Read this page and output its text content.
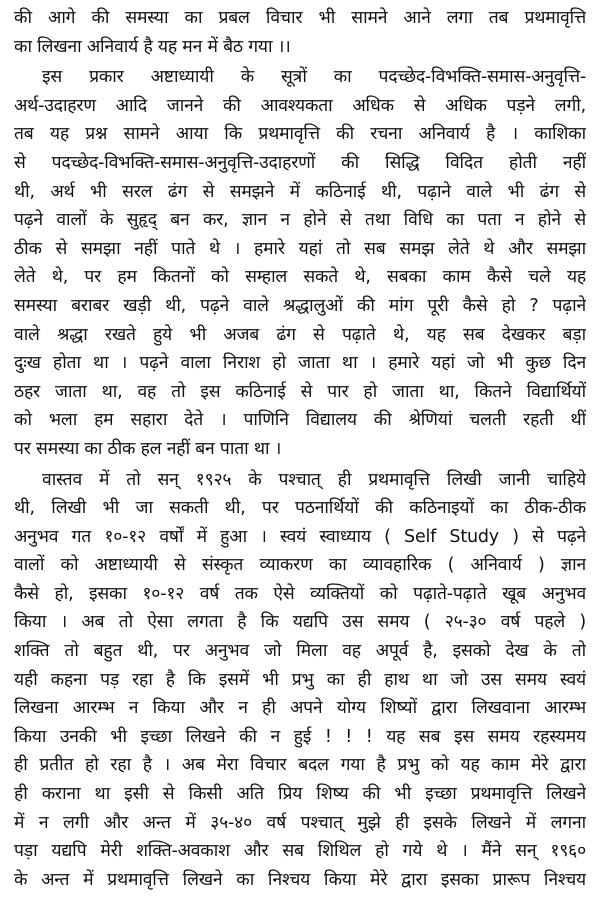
की आगे की समस्या का प्रबल विचार भी सामने आने लगा तब प्रथमावृत्ति
का लिखना अनिवार्य है यह मन में बैठ गया ।।
इस प्रकार अष्टाध्यायी के सूत्रों का पदच्छेद-विभक्ति-समास-अनुवृत्ति-
अर्थ-उदाहरण आदि जानने की आवश्यकता अधिक से अधिक पड़ने लगी,
तब यह प्रश्न सामने आया कि प्रथमावृत्ति की रचना अनिवार्य है । काशिका
से पदच्छेद-विभक्ति-समास-अनुवृत्ति-उदाहरणों की सिद्धि विदित होती नहीं
थी, अर्थ भी सरल ढंग से समझने में कठिनाई थी, पढ़ाने वाले भी ढंग से
पढ़ने वालों के सुहृद् बन कर, ज्ञान न होने से तथा विधि का पता न होने से
ठीक से समझा नहीं पाते थे । हमारे यहां तो सब समझ लेते थे और समझा
लेते थे, पर हम कितनों को सम्हाल सकते थे, सबका काम कैसे चले यह
समस्या बराबर खड़ी थी, पढ़ने वाले श्रद्धालुओं की मांग पूरी कैसे हो ? पढ़ाने
वाले श्रद्धा रखते हुये भी अजब ढंग से पढ़ाते थे, यह सब देखकर बड़ा
दुःख होता था । पढ़ने वाला निराश हो जाता था । हमारे यहां जो भी कुछ दिन
ठहर जाता था, वह तो इस कठिनाई से पार हो जाता था, कितने विद्यार्थियों
को भला हम सहारा देते । पाणिनि विद्यालय की श्रेणियां चलती रहती थीं
पर समस्या का ठीक हल नहीं बन पाता था ।
वास्तव में तो सन् १९२५ के पश्चात् ही प्रथमावृत्ति लिखी जानी चाहिये
थी, लिखी भी जा सकती थी, पर पठनार्थियों की कठिनाइयों का ठीक-ठीक
अनुभव गत १०-१२ वर्षों में हुआ । स्वयं स्वाध्याय ( Self Study ) से पढ़ने
वालों को अष्टाध्यायी से संस्कृत व्याकरण का व्यावहारिक ( अनिवार्य ) ज्ञान
कैसे हो, इसका १०-१२ वर्ष तक ऐसे व्यक्तियों को पढ़ाते-पढ़ाते खूब अनुभव
किया । अब तो ऐसा लगता है कि यद्यपि उस समय ( २५-३० वर्ष पहले )
शक्ति तो बहुत थी, पर अनुभव जो मिला वह अपूर्व है, इसको देख के तो
यही कहना पड़ रहा है कि इसमें भी प्रभु का ही हाथ था जो उस समय स्वयं
लिखना आरम्भ न किया और न ही अपने योग्य शिष्यों द्वारा लिखवाना आरम्भ
किया उनकी भी इच्छा लिखने की न हुई ! ! ! यह सब इस समय रहस्यमय
ही प्रतीत हो रहा है । अब मेरा विचार बदल गया है प्रभु को यह काम मेरे द्वारा
ही कराना था इसी से किसी अति प्रिय शिष्य की भी इच्छा प्रथमावृत्ति लिखने
में न लगी और अन्त में ३५-४० वर्ष पश्चात् मुझे ही इसके लिखने में लगना
पड़ा यद्यपि मेरी शक्ति-अवकाश और सब शिथिल हो गये थे । मैंने सन् १९६०
के अन्त में प्रथमावृत्ति लिखने का निश्चय किया मेरे द्वारा इसका प्रारूप निश्चय
